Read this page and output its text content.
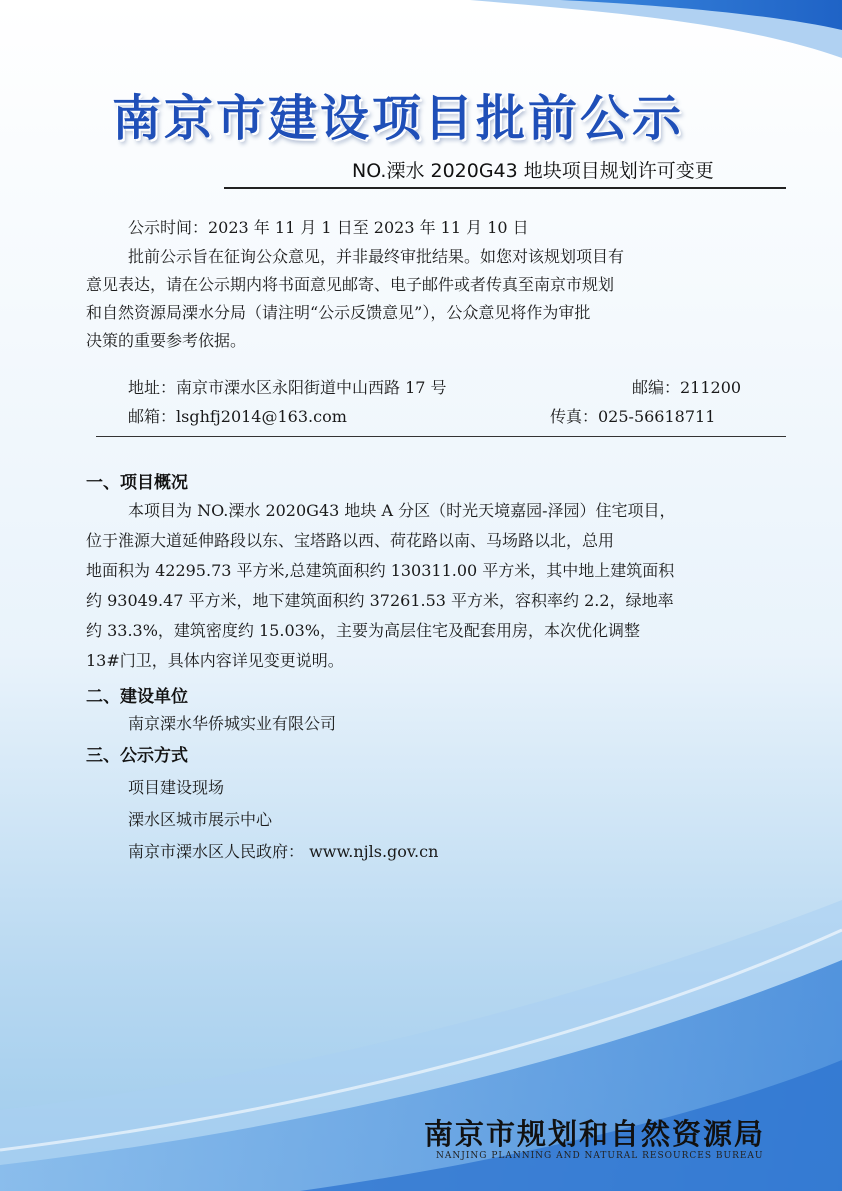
南京市建设项目批前公示
NO.溧水 2020G43 地块项目规划许可变更
公示时间：2023 年 11 月 1 日至 2023 年 11 月 10 日
批前公示旨在征询公众意见，并非最终审批结果。如您对该规划项目有
意见表达，请在公示期内将书面意见邮寄、电子邮件或者传真至南京市规划
和自然资源局溧水分局（请注明“公示反馈意见”），公众意见将作为审批
决策的重要参考依据。
地址：南京市溧水区永阳街道中山西路 17 号	邮编：211200
邮箱：lsghfj2014@163.com	传真：025-56618711
一、项目概况
本项目为 NO.溧水 2020G43 地块 A 分区（时光天境嘉园-泽园）住宅项目，
位于淮源大道延伸路段以东、宝塔路以西、荷花路以南、马场路以北，总用
地面积为 42295.73 平方米,总建筑面积约 130311.00 平方米，其中地上建筑面积
约 93049.47 平方米，地下建筑面积约 37261.53 平方米，容积率约 2.2，绿地率
约 33.3%，建筑密度约 15.03%，主要为高层住宅及配套用房，本次优化调整
13#门卫，具体内容详见变更说明。
二、建设单位
南京溧水华侨城实业有限公司
三、公示方式
项目建设现场
溧水区城市展示中心
南京市溧水区人民政府： www.njls.gov.cn
南京市规划和自然资源局
NANJING PLANNING AND NATURAL RESOURCES BUREAU
